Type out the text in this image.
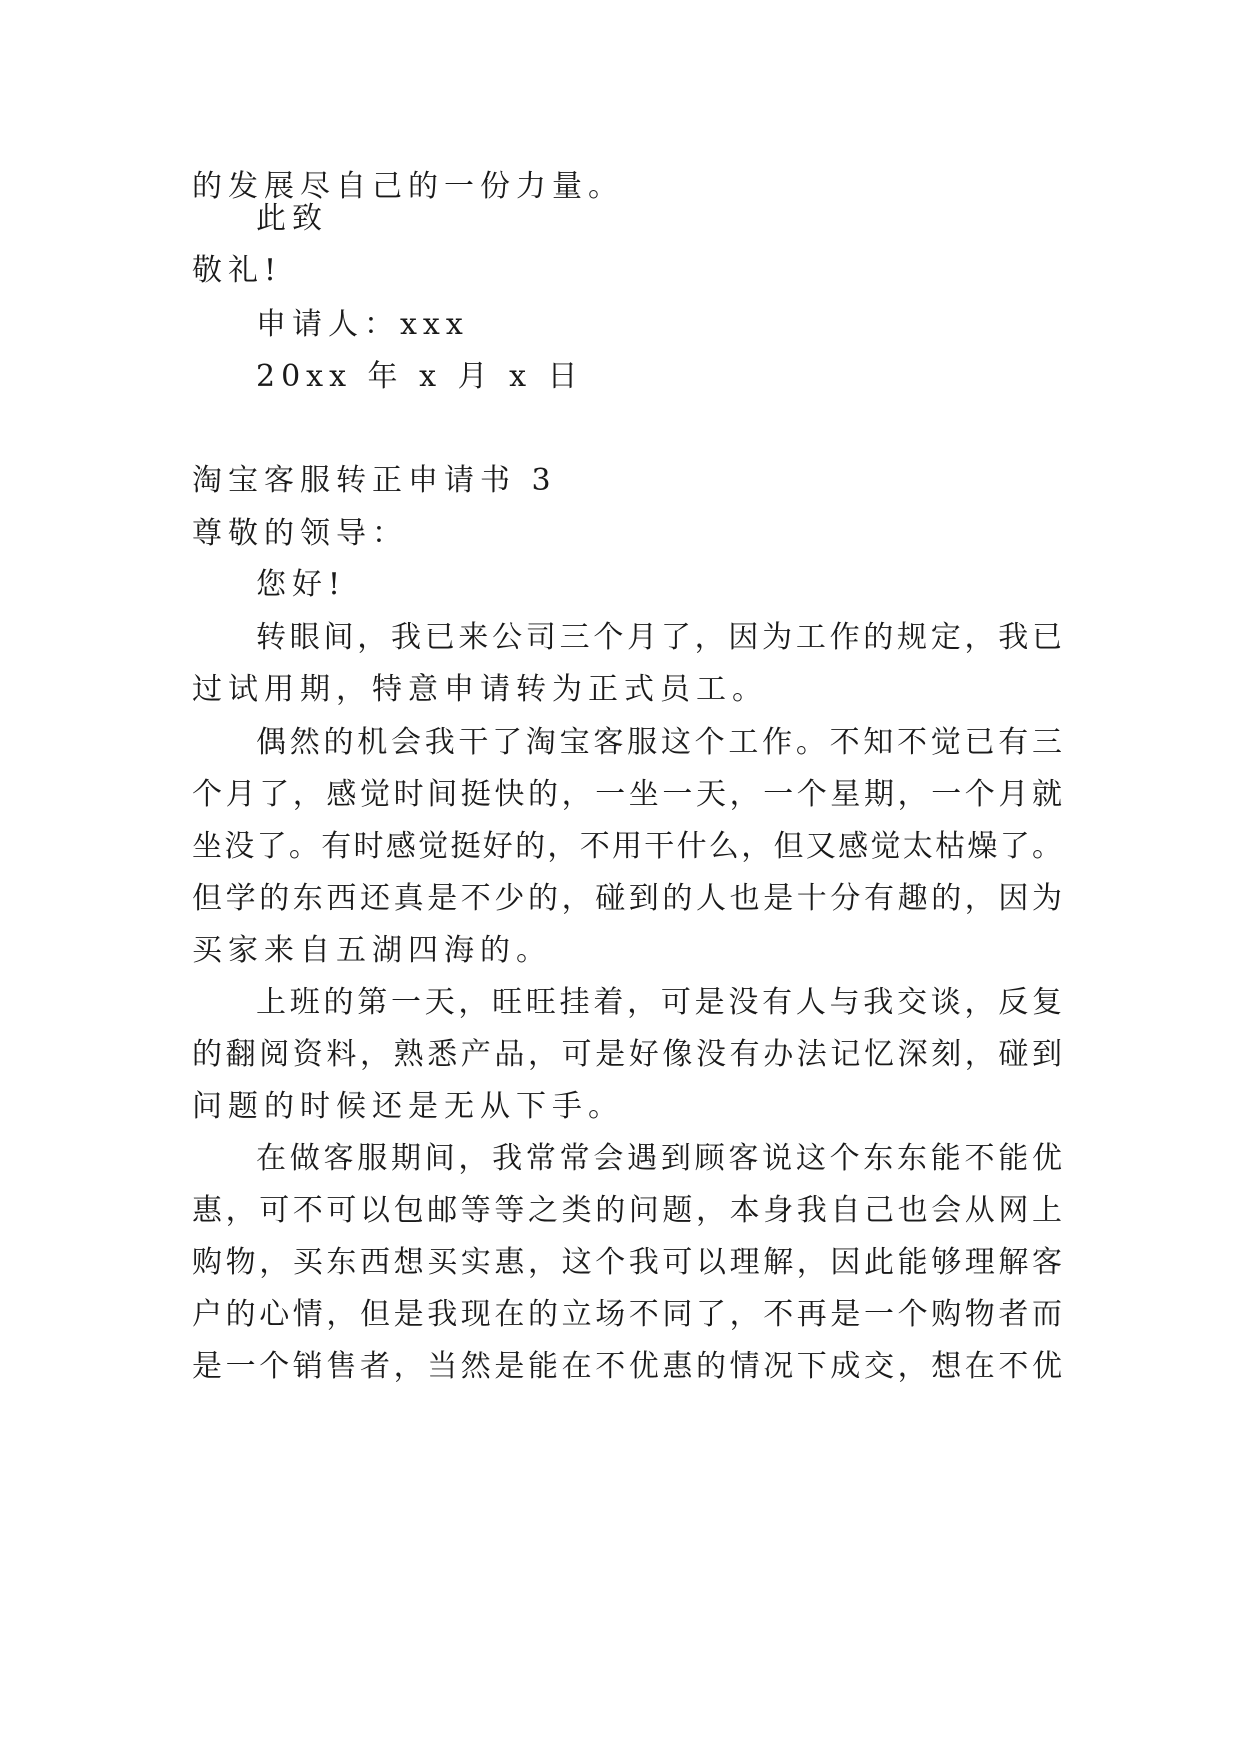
的发展尽自己的一份力量。
此致
敬礼!
申请人：xxx
20xx 年 x 月 x 日
淘宝客服转正申请书 3
尊敬的领导：
您好!
转眼间，我已来公司三个月了，因为工作的规定，我已
过试用期，特意申请转为正式员工。
偶然的机会我干了淘宝客服这个工作。不知不觉已有三
个月了，感觉时间挺快的，一坐一天，一个星期，一个月就
坐没了。有时感觉挺好的，不用干什么，但又感觉太枯燥了。
但学的东西还真是不少的，碰到的人也是十分有趣的，因为
买家来自五湖四海的。
上班的第一天，旺旺挂着，可是没有人与我交谈，反复
的翻阅资料，熟悉产品，可是好像没有办法记忆深刻，碰到
问题的时候还是无从下手。
在做客服期间，我常常会遇到顾客说这个东东能不能优
惠，可不可以包邮等等之类的问题，本身我自己也会从网上
购物，买东西想买实惠，这个我可以理解，因此能够理解客
户的心情，但是我现在的立场不同了，不再是一个购物者而
是一个销售者，当然是能在不优惠的情况下成交，想在不优
